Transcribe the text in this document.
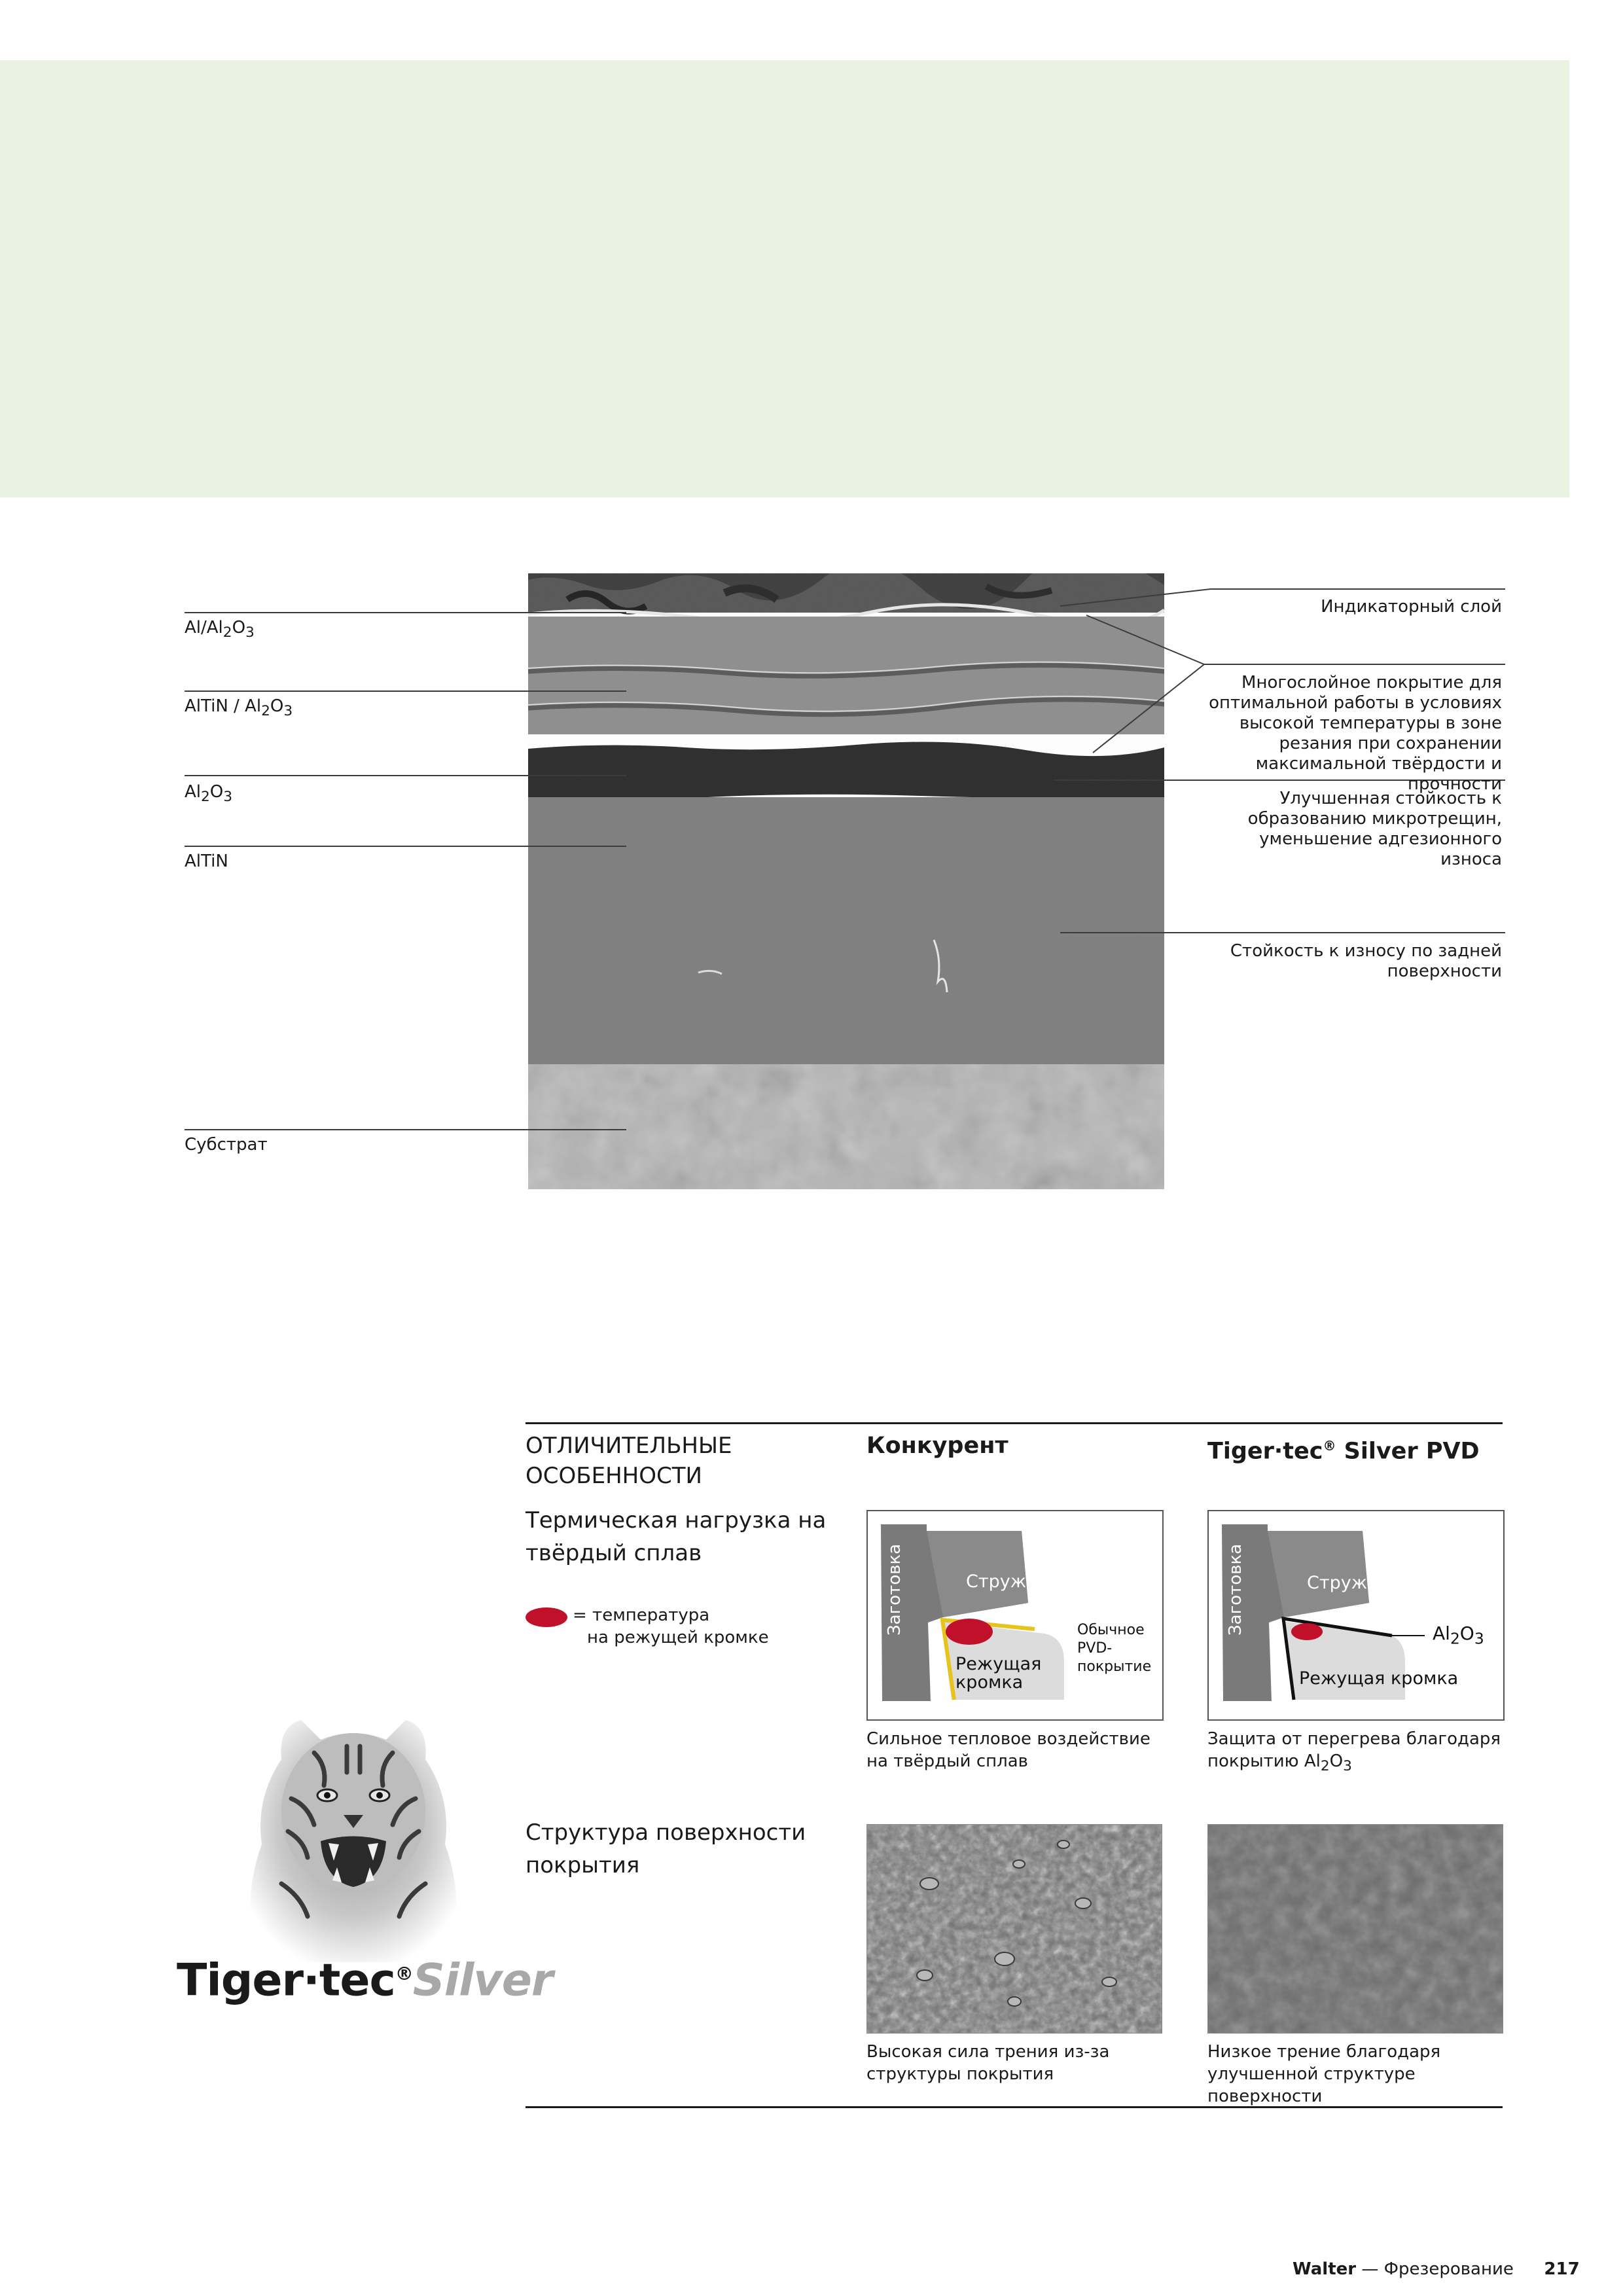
$Al/Al_2O_3$
AlTiN / $Al_2O_3$
$Al_2O_3$
AlTiN
Субстрат
Индикаторный слой
Многослойное покрытие для оптимальной работы в условиях высокой температуры в зоне резания при сохранении максимальной твёрдости и прочности
Улучшенная стойкость к образованию микротрещин, уменьшение адгезионного износа
Стойкость к износу по задней поверхности
ОТЛИЧИТЕЛЬНЫЕ
ОСОБЕННОСТИ
Конкурент	Tiger·tec® Silver PVD
Термическая нагрузка на твёрдый сплав
= температура
на режущей кромке
Заготовка	Стружка
Режущая
кромка
Обычное
PVD-
покрытие
Заготовка	Стружка
$Al_2O_3$
Режущая кромка
Сильное тепловое воздействие на твёрдый сплав
Защита от перегрева благодаря покрытию $Al_2O_3$
Структура поверхности покрытия
Высокая сила трения из-за структуры покрытия
Низкое трение благодаря улучшенной структуре поверхности
Tiger·tec®Silver
Walter — Фрезерование 217
